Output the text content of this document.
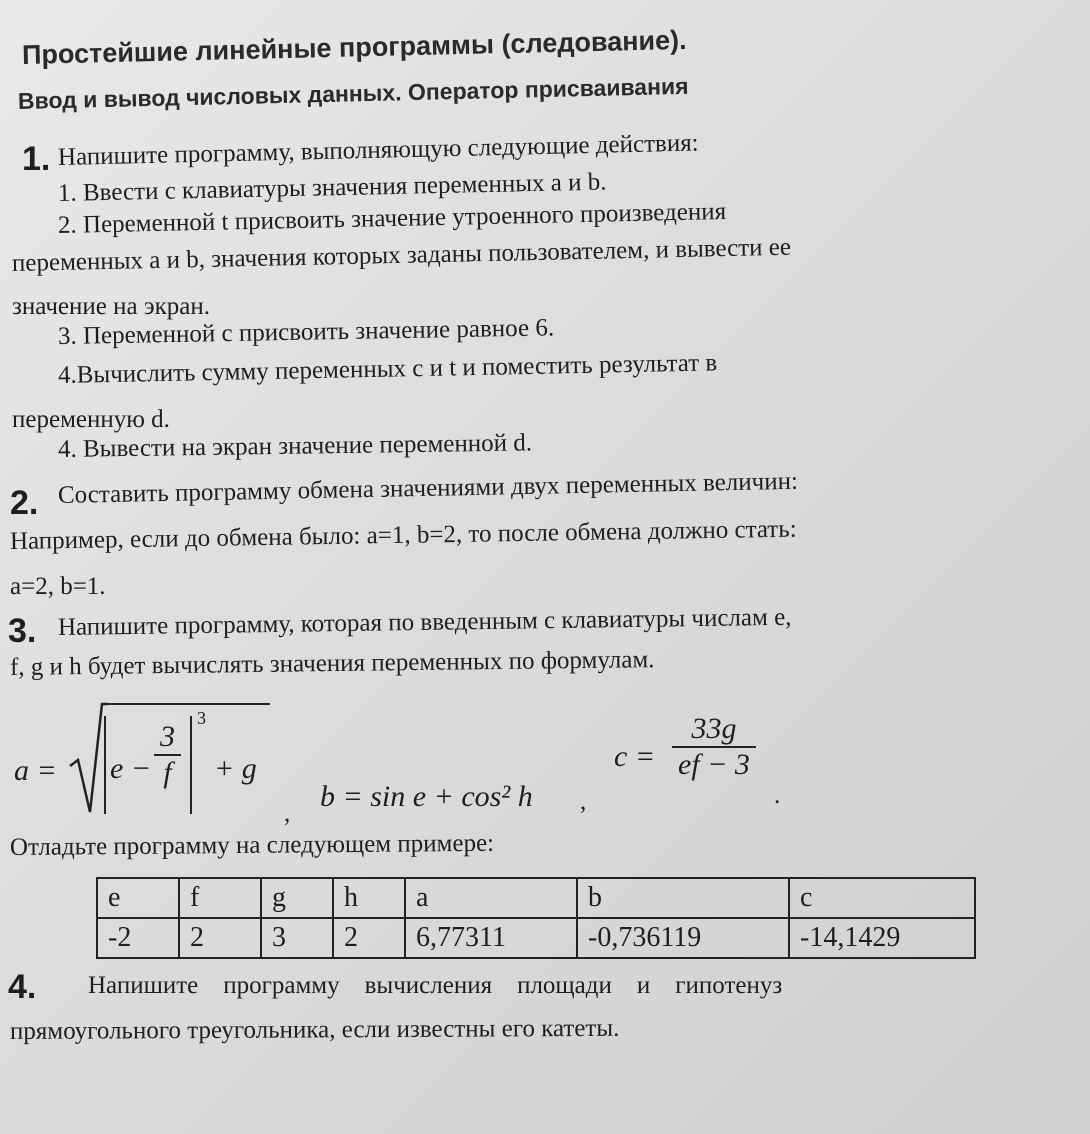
Простейшие линейные программы (следование).
Ввод и вывод числовых данных. Оператор присваивания
1. Напишите программу, выполняющую следующие действия:
1. Ввести с клавиатуры значения переменных a и b.
2. Переменной t присвоить значение утроенного произведения
переменных a и b, значения которых заданы пользователем, и вывести ее
значение на экран.
3. Переменной c присвоить значение равное 6.
4.Вычислить сумму переменных c и t и поместить результат в
переменную d.
4. Вывести на экран значение переменной d.
2. Составить программу обмена значениями двух переменных величин:
Например, если до обмена было: a=1, b=2, то после обмена должно стать:
a=2, b=1.
3. Напишите программу, которая по введенным с клавиатуры числам e,
f, g и h будет вычислять значения переменных по формулам.
$a = e - \frac{3}{f}$
3
+ g
,
b = sin e + cos² h ,
$c = \frac{33g}{ef - 3}$
.
Отладьте программу на следующем примере:
e	f	g	h	a	b	c
-2	2	3	2	6,77311	-0,736119	-14,1429
4. Напишите    программу    вычисления    площади    и    гипотенуз
прямоугольного треугольника, если известны его катеты.
